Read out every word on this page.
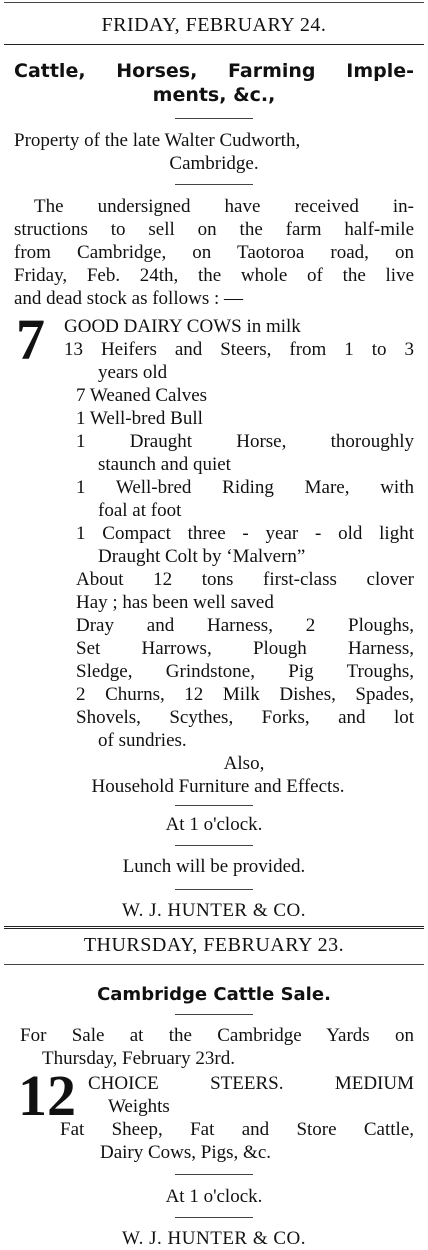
FRIDAY, FEBRUARY 24.
Cattle, Horses, Farming Imple-
ments, &c.,
Property of the late Walter Cudworth,
Cambridge.
The undersigned have received in-
structions to sell on the farm half-mile
from Cambridge, on Taotoroa road, on
Friday, Feb. 24th, the whole of the live
and dead stock as follows : —
7 GOOD DAIRY COWS in milk
13 Heifers and Steers, from 1 to 3
years old
7 Weaned Calves
1 Well-bred Bull
1 Draught Horse, thoroughly
staunch and quiet
1 Well-bred Riding Mare, with
foal at foot
1 Compact three - year - old light
Draught Colt by ‘Malvern”
About 12 tons first-class clover
Hay ; has been well saved
Dray and Harness, 2 Ploughs,
Set Harrows, Plough Harness,
Sledge, Grindstone, Pig Troughs,
2 Churns, 12 Milk Dishes, Spades,
Shovels, Scythes, Forks, and lot
of sundries.
Also,
Household Furniture and Effects.
At 1 o'clock.
Lunch will be provided.
W. J. HUNTER & CO.
THURSDAY, FEBRUARY 23.
Cambridge Cattle Sale.
For Sale at the Cambridge Yards on
Thursday, February 23rd.
12 CHOICE STEERS. MEDIUM
Weights
Fat Sheep, Fat and Store Cattle,
Dairy Cows, Pigs, &c.
At 1 o'clock.
W. J. HUNTER & CO.
